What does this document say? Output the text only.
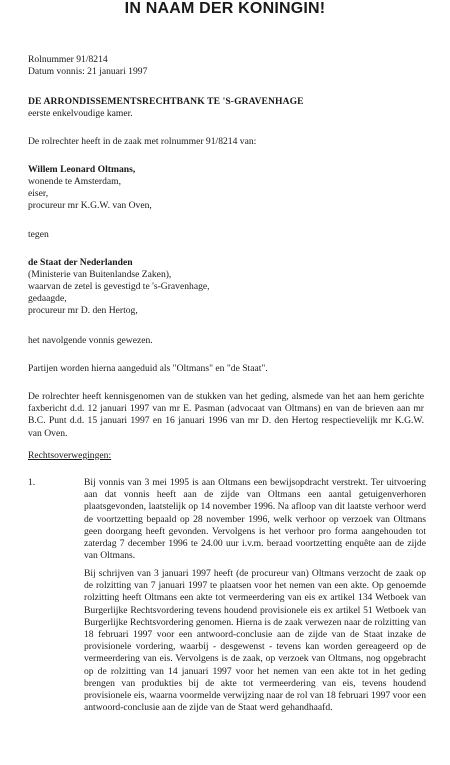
IN NAAM DER KONINGIN!
Rolnummer 91/8214
Datum vonnis: 21 januari 1997
DE ARRONDISSEMENTSRECHTBANK TE 'S-GRAVENHAGE
eerste enkelvoudige kamer.
De rolrechter heeft in de zaak met rolnummer 91/8214 van:
Willem Leonard Oltmans,
wonende te Amsterdam,
eiser,
procureur mr K.G.W. van Oven,
tegen
de Staat der Nederlanden
(Ministerie van Buitenlandse Zaken),
waarvan de zetel is gevestigd te 's-Gravenhage,
gedaagde,
procureur mr D. den Hertog,
het navolgende vonnis gewezen.
Partijen worden hierna aangeduid als "Oltmans" en "de Staat".
De rolrechter heeft kennisgenomen van de stukken van het geding, alsmede van het aan hem gerichte faxbericht d.d. 12 januari 1997 van mr E. Pasman (advocaat van Oltmans) en van de brieven aan mr B.C. Punt d.d. 15 januari 1997 en 16 januari 1996 van mr D. den Hertog respectievelijk mr K.G.W. van Oven.
Rechtsoverwegingen:
1.	Bij vonnis van 3 mei 1995 is aan Oltmans een bewijsopdracht verstrekt. Ter uitvoering aan dat vonnis heeft aan de zijde van Oltmans een aantal getuigenverhoren plaatsgevonden, laatstelijk op 14 november 1996. Na afloop van dit laatste verhoor werd de voortzetting bepaald op 28 november 1996, welk verhoor op verzoek van Oltmans geen doorgang heeft gevonden. Vervolgens is het verhoor pro forma aangehouden tot zaterdag 7 december 1996 te 24.00 uur i.v.m. beraad voortzetting enquête aan de zijde van Oltmans.
Bij schrijven van 3 januari 1997 heeft (de procureur van) Oltmans verzocht de zaak op de rolzitting van 7 januari 1997 te plaatsen voor het nemen van een akte. Op genoemde rolzitting heeft Oltmans een akte tot vermeerdering van eis ex artikel 134 Wetboek van Burgerlijke Rechtsvordering tevens houdend provisionele eis ex artikel 51 Wetboek van Burgerlijke Rechtsvordering genomen. Hierna is de zaak verwezen naar de rolzitting van 18 februari 1997 voor een antwoord-conclusie aan de zijde van de Staat inzake de provisionele vordering, waarbij - desgewenst - tevens kan worden gereageerd op de vermeerdering van eis. Vervolgens is de zaak, op verzoek van Oltmans, nog opgebracht op de rolzitting van 14 januari 1997 voor het nemen van een akte tot in het geding brengen van produkties bij de akte tot vermeerdering van eis, tevens houdend provisionele eis, waarna voormelde verwijzing naar de rol van 18 februari 1997 voor een antwoord-conclusie aan de zijde van de Staat werd gehandhaafd.
